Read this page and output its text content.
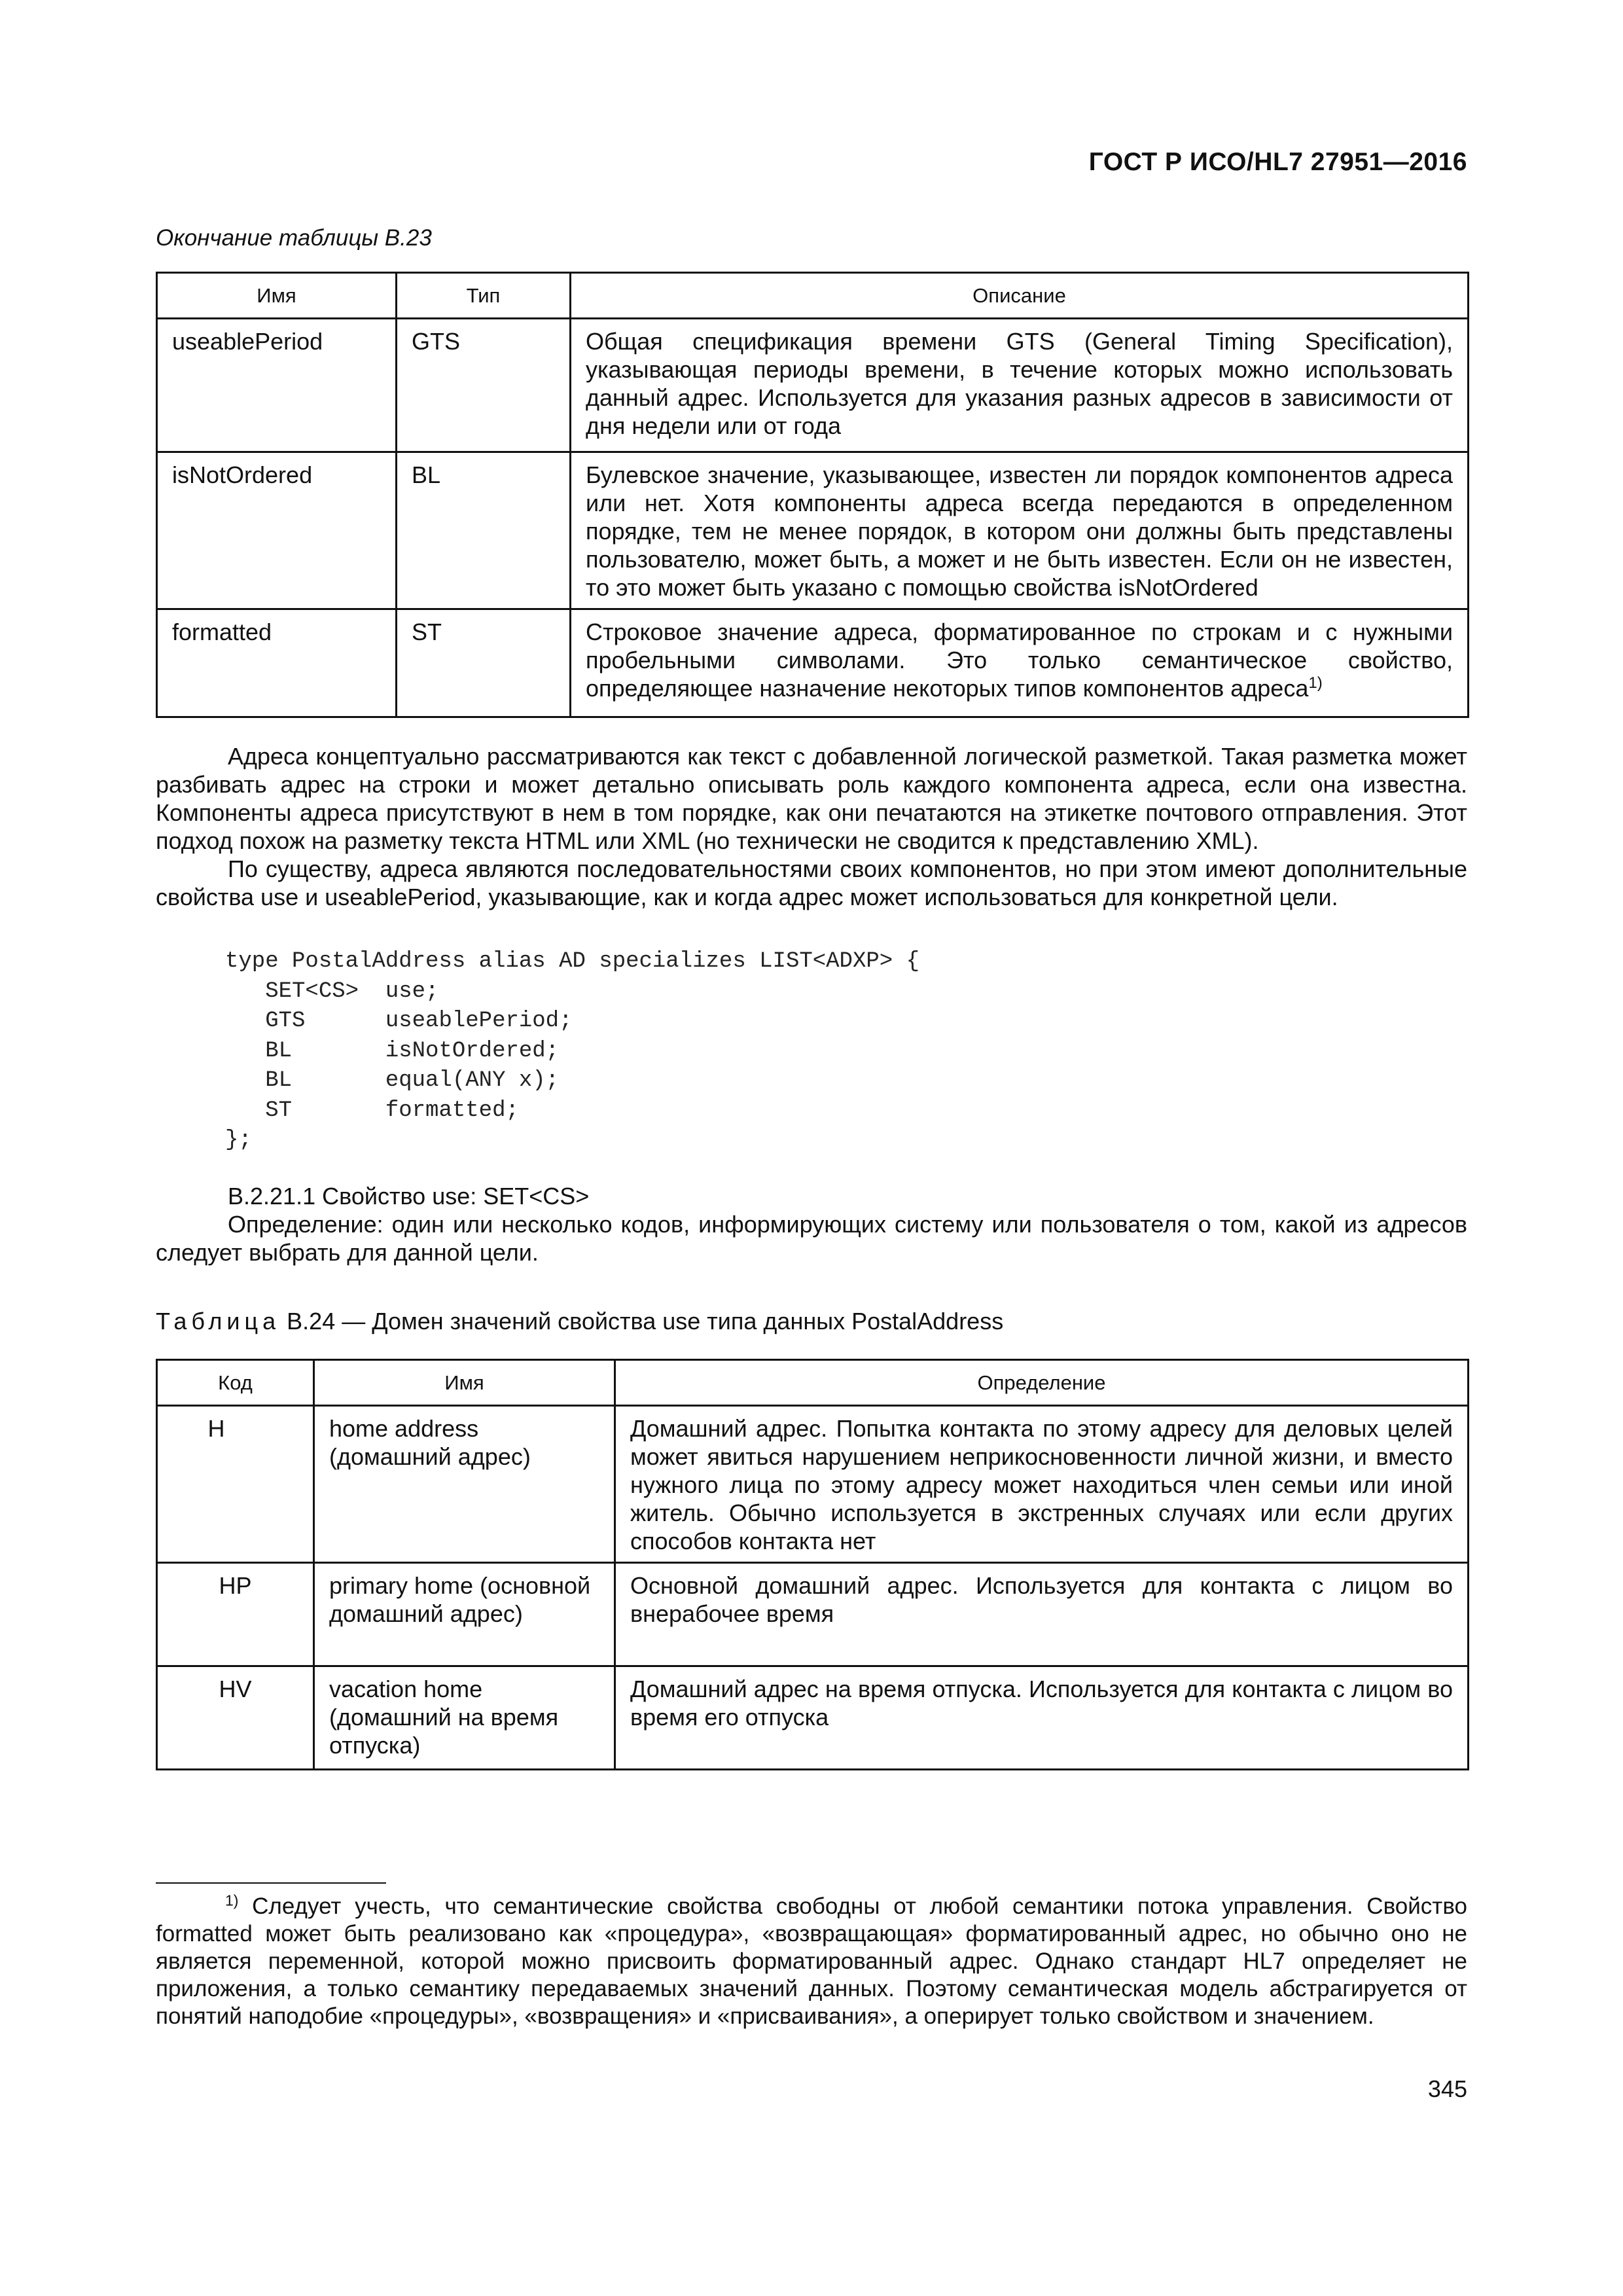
ГОСТ Р ИСО/HL7 27951—2016
Окончание таблицы B.23
Имя	Тип	Описание
useablePeriod	GTS	Общая спецификация времени GTS (General Timing Specification), указывающая периоды времени, в течение которых можно использовать данный адрес. Используется для указания разных адресов в зависимости от дня недели или от года
isNotOrdered	BL	Булевское значение, указывающее, известен ли порядок компонентов адреса или нет. Хотя компоненты адреса всегда передаются в определенном порядке, тем не менее порядок, в котором они должны быть представлены пользователю, может быть, а может и не быть известен. Если он не известен, то это может быть указано с помощью свойства isNotOrdered
formatted	ST	Строковое значение адреса, форматированное по строкам и с нужными пробельными символами. Это только семантическое свойство, определяющее назначение некоторых типов компонентов адреса$^{1)}$
Адреса концептуально рассматриваются как текст с добавленной логической разметкой. Такая разметка может разбивать адрес на строки и может детально описывать роль каждого компонента адреса, если она известна. Компоненты адреса присутствуют в нем в том порядке, как они печатаются на этикетке почтового отправления. Этот подход похож на разметку текста HTML или XML (но технически не сводится к представлению XML).
По существу, адреса являются последовательностями своих компонентов, но при этом имеют дополнительные свойства use и useablePeriod, указывающие, как и когда адрес может использоваться для конкретной цели.
type PostalAddress alias AD specializes LIST<ADXP> {
SET<CS>  use;
GTS      useablePeriod;
BL       isNotOrdered;
BL       equal(ANY x);
ST       formatted;
};
B.2.21.1 Свойство use: SET<CS>
Определение: один или несколько кодов, информирующих систему или пользователя о том, какой из адресов следует выбрать для данной цели.
Таблица B.24 — Домен значений свойства use типа данных PostalAddress
Код	Имя	Определение
H	home address (домашний адрес)	Домашний адрес. Попытка контакта по этому адресу для деловых целей может явиться нарушением неприкосновенности личной жизни, и вместо нужного лица по этому адресу может находиться член семьи или иной житель. Обычно используется в экстренных случаях или если других способов контакта нет
HP	primary home (основной домашний адрес)	Основной домашний адрес. Используется для контакта с лицом во внерабочее время
HV	vacation home (домашний на время отпуска)	Домашний адрес на время отпуска. Используется для контакта с лицом во время его отпуска
$^{1)}$ Следует учесть, что семантические свойства свободны от любой семантики потока управления. Свойство formatted может быть реализовано как «процедура», «возвращающая» форматированный адрес, но обычно оно не является переменной, которой можно присвоить форматированный адрес. Однако стандарт HL7 определяет не приложения, а только семантику передаваемых значений данных. Поэтому семантическая модель абстрагируется от понятий наподобие «процедуры», «возвращения» и «присваивания», а оперирует только свойством и значением.
345
